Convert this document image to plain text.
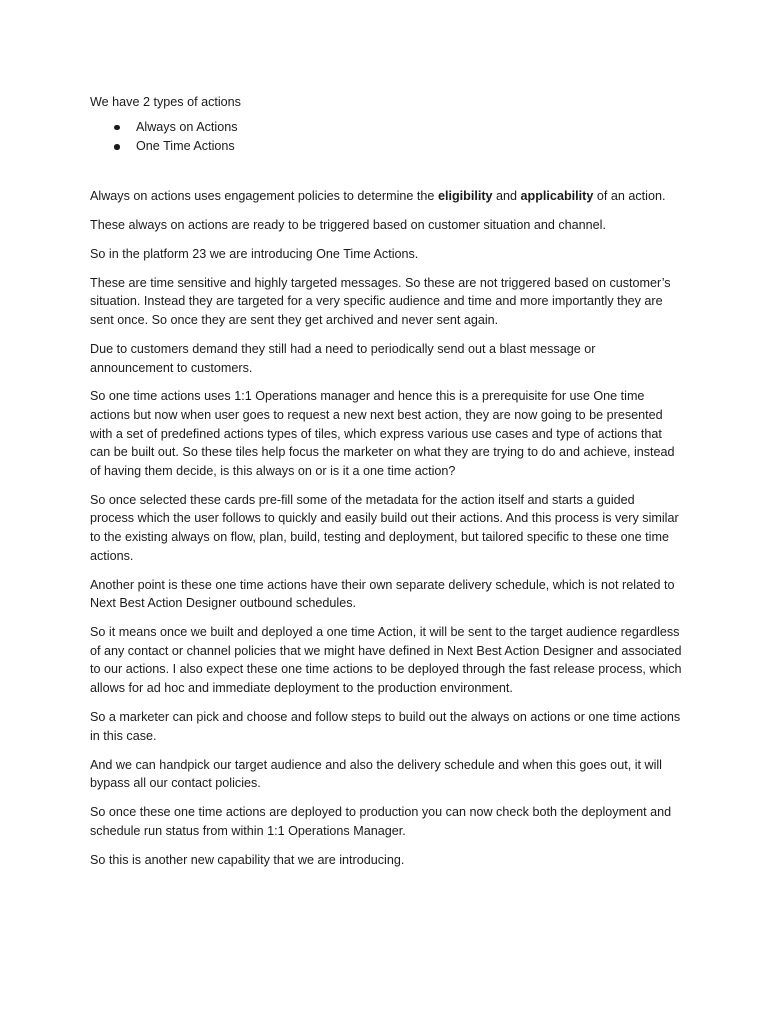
We have 2 types of actions

Always on Actions
One Time Actions

Always on actions uses engagement policies to determine the eligibility and applicability of an action.

These always on actions are ready to be triggered based on customer situation and channel.

So in the platform 23 we are introducing One Time Actions.

These are time sensitive and highly targeted messages. So these are not triggered based on customer’s situation. Instead they are targeted for a very specific audience and time and more importantly they are sent once. So once they are sent they get archived and never sent again.

Due to customers demand they still had a need to periodically send out a blast message or announcement to customers.

So one time actions uses 1:1 Operations manager and hence this is a prerequisite for use One time actions but now when user goes to request a new next best action, they are now going to be presented with a set of predefined actions types of tiles, which express various use cases and type of actions that can be built out. So these tiles help focus the marketer on what they are trying to do and achieve, instead of having them decide, is this always on or is it a one time action?

So once selected these cards pre-fill some of the metadata for the action itself and starts a guided process which the user follows to quickly and easily build out their actions. And this process is very similar to the existing always on flow, plan, build, testing and deployment, but tailored specific to these one time actions.

Another point is these one time actions have their own separate delivery schedule, which is not related to Next Best Action Designer outbound schedules.

So it means once we built and deployed a one time Action, it will be sent to the target audience regardless of any contact or channel policies that we might have defined in Next Best Action Designer and associated to our actions. I also expect these one time actions to be deployed through the fast release process, which allows for ad hoc and immediate deployment to the production environment.

So a marketer can pick and choose and follow steps to build out the always on actions or one time actions in this case.

And we can handpick our target audience and also the delivery schedule and when this goes out, it will bypass all our contact policies.

So once these one time actions are deployed to production you can now check both the deployment and schedule run status from within 1:1 Operations Manager.

So this is another new capability that we are introducing.
